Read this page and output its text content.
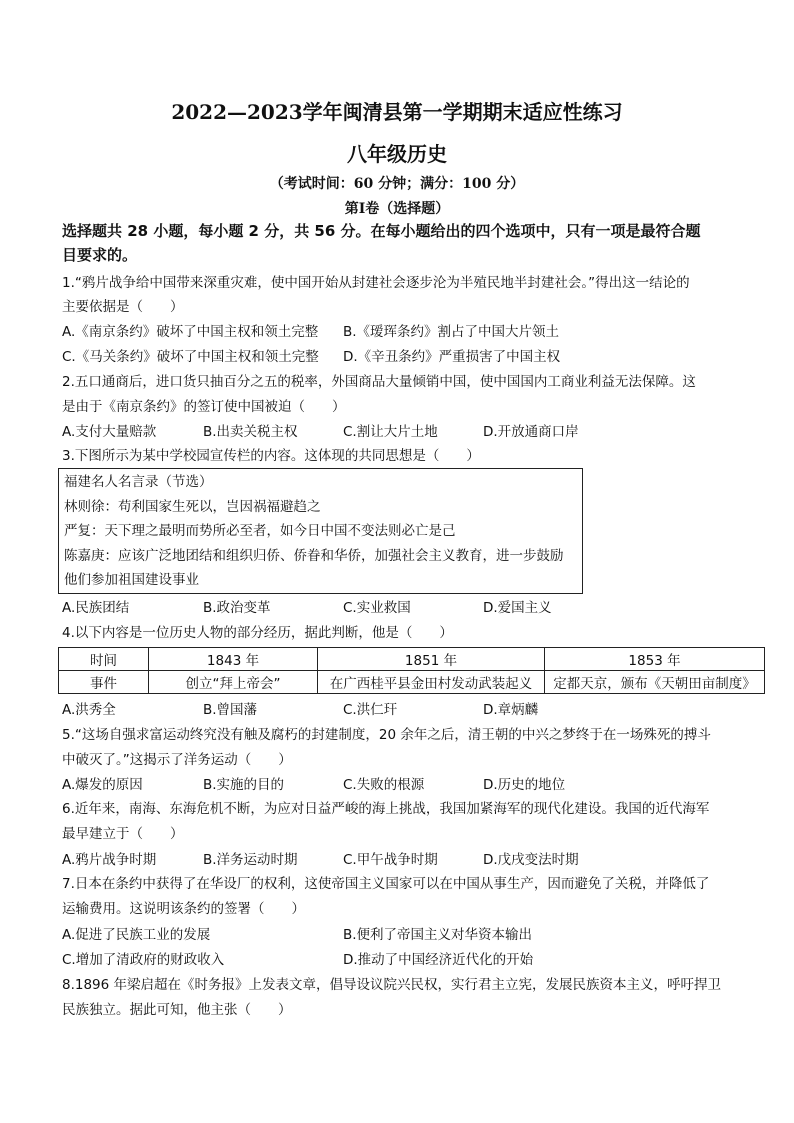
2022—2023学年闽清县第一学期期末适应性练习
八年级历史
（考试时间：60 分钟；满分：100 分）
第Ⅰ卷（选择题）
选择题共 28 小题，每小题 2 分，共 56 分。在每小题给出的四个选项中，只有一项是最符合题
目要求的。
1.“鸦片战争给中国带来深重灾难，使中国开始从封建社会逐步沦为半殖民地半封建社会。”得出这一结论的
主要依据是（　　）
A.《南京条约》破坏了中国主权和领土完整 B.《瑷珲条约》割占了中国大片领土
C.《马关条约》破坏了中国主权和领土完整 D.《辛丑条约》严重损害了中国主权
2.五口通商后，进口货只抽百分之五的税率，外国商品大量倾销中国，使中国国内工商业利益无法保障。这
是由于《南京条约》的签订使中国被迫（　　）
A.支付大量赔款	B.出卖关税主权	C.割让大片土地	D.开放通商口岸
3.下图所示为某中学校园宣传栏的内容。这体现的共同思想是（　　）
福建名人名言录（节选）
林则徐：苟利国家生死以，岂因祸福避趋之
严复：天下理之最明而势所必至者，如今日中国不变法则必亡是己
陈嘉庚：应该广泛地团结和组织归侨、侨眷和华侨，加强社会主义教育，进一步鼓励
他们参加祖国建设事业
A.民族团结	B.政治变革	C.实业救国	D.爱国主义
4.以下内容是一位历史人物的部分经历，据此判断，他是（　　）
时间	1843 年	1851 年	1853 年
事件	创立“拜上帝会”	在广西桂平县金田村发动武装起义	定都天京，颁布《天朝田亩制度》
A.洪秀全	B.曾国藩	C.洪仁玕	D.章炳麟
5.“这场自强求富运动终究没有触及腐朽的封建制度，20 余年之后，清王朝的中兴之梦终于在一场殊死的搏斗
中破灭了。”这揭示了洋务运动（　　）
A.爆发的原因	B.实施的目的	C.失败的根源	D.历史的地位
6.近年来，南海、东海危机不断，为应对日益严峻的海上挑战，我国加紧海军的现代化建设。我国的近代海军
最早建立于（　　）
A.鸦片战争时期	B.洋务运动时期	C.甲午战争时期	D.戊戌变法时期
7.日本在条约中获得了在华设厂的权利，这使帝国主义国家可以在中国从事生产，因而避免了关税，并降低了
运输费用。这说明该条约的签署（　　）
A.促进了民族工业的发展	B.便利了帝国主义对华资本输出
C.增加了清政府的财政收入	D.推动了中国经济近代化的开始
8.1896 年梁启超在《时务报》上发表文章，倡导设议院兴民权，实行君主立宪，发展民族资本主义，呼吁捍卫
民族独立。据此可知，他主张（　　）
